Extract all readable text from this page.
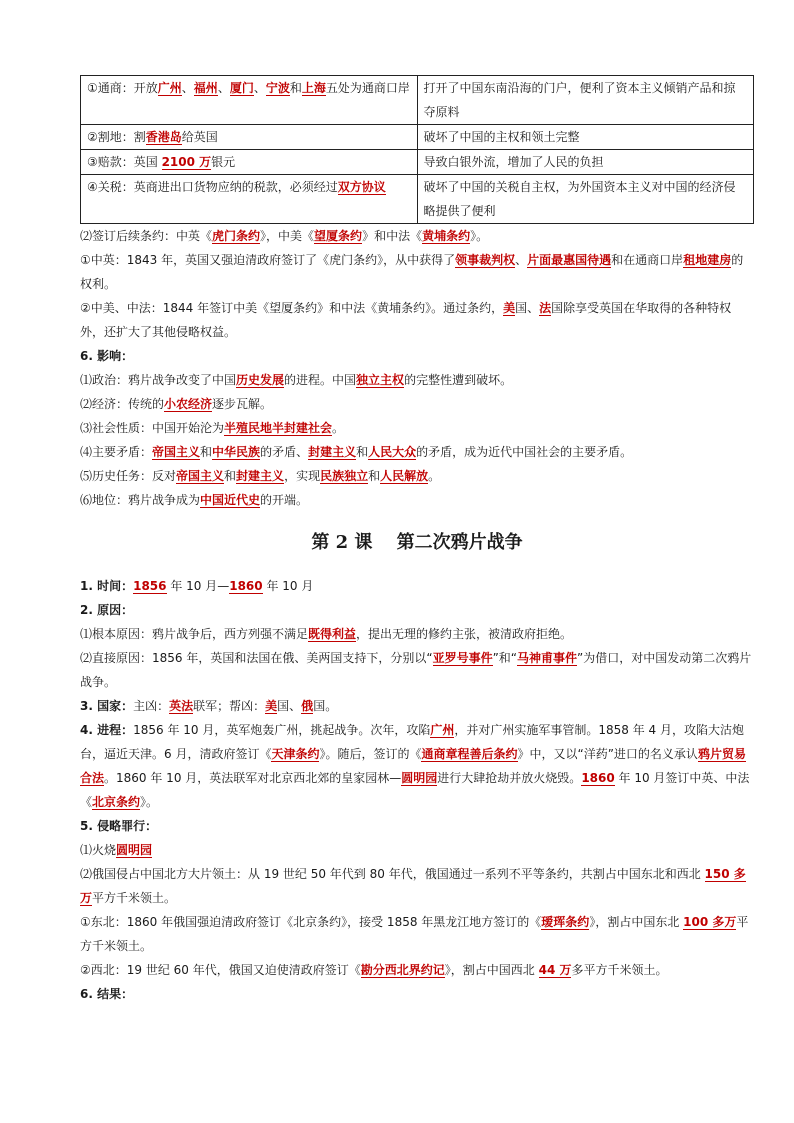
①通商：开放广州、福州、厦门、宁波和上海五处为通商口岸	打开了中国东南沿海的门户，便利了资本主义倾销产品和掠夺原料
②割地：割香港岛给英国	破坏了中国的主权和领土完整
③赔款：英国 2100 万银元	导致白银外流，增加了人民的负担
④关税：英商进出口货物应纳的税款，必须经过双方协议	破坏了中国的关税自主权，为外国资本主义对中国的经济侵略提供了便利

⑵签订后续条约：中英《虎门条约》，中美《望厦条约》和中法《黄埔条约》。

①中英：1843 年，英国又强迫清政府签订了《虎门条约》，从中获得了领事裁判权、片面最惠国待遇和在通商口岸租地建房的权利。

②中美、中法：1844 年签订中美《望厦条约》和中法《黄埔条约》。通过条约，美国、法国除享受英国在华取得的各种特权外，还扩大了其他侵略权益。

6. 影响：

⑴政治：鸦片战争改变了中国历史发展的进程。中国独立主权的完整性遭到破坏。

⑵经济：传统的小农经济逐步瓦解。

⑶社会性质：中国开始沦为半殖民地半封建社会。

⑷主要矛盾：帝国主义和中华民族的矛盾、封建主义和人民大众的矛盾，成为近代中国社会的主要矛盾。

⑸历史任务：反对帝国主义和封建主义，实现民族独立和人民解放。

⑹地位：鸦片战争成为中国近代史的开端。

第 2 课　 第二次鸦片战争

1. 时间：1856 年 10 月—1860 年 10 月

2. 原因：

⑴根本原因：鸦片战争后，西方列强不满足既得利益，提出无理的修约主张，被清政府拒绝。

⑵直接原因：1856 年，英国和法国在俄、美两国支持下，分别以“亚罗号事件”和“马神甫事件”为借口，对中国发动第二次鸦片战争。

3. 国家：主凶：英法联军；帮凶：美国、俄国。

4. 进程：1856 年 10 月，英军炮轰广州，挑起战争。次年，攻陷广州，并对广州实施军事管制。1858 年 4 月，攻陷大沽炮台，逼近天津。6 月，清政府签订《天津条约》。随后，签订的《通商章程善后条约》中，又以“洋药”进口的名义承认鸦片贸易合法。1860 年 10 月，英法联军对北京西北郊的皇家园林—圆明园进行大肆抢劫并放火烧毁。1860 年 10 月签订中英、中法《北京条约》。

5. 侵略罪行：

⑴火烧圆明园

⑵俄国侵占中国北方大片领土：从 19 世纪 50 年代到 80 年代，俄国通过一系列不平等条约，共割占中国东北和西北 150 多万平方千米领土。

①东北：1860 年俄国强迫清政府签订《北京条约》，接受 1858 年黑龙江地方签订的《瑷珲条约》，割占中国东北 100 多万平方千米领土。

②西北：19 世纪 60 年代，俄国又迫使清政府签订《勘分西北界约记》，割占中国西北 44 万多平方千米领土。

6. 结果：
